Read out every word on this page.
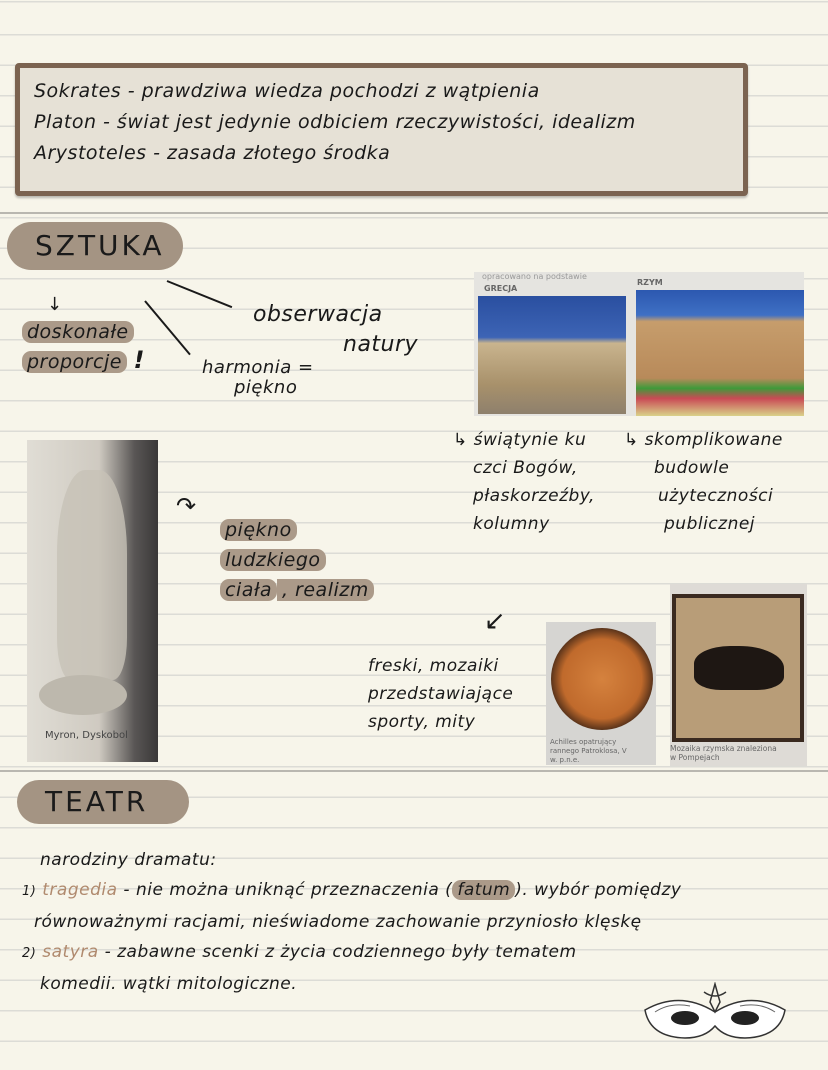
Sokrates - prawdziwa wiedza pochodzi z wątpienia
Platon - świat jest jedynie odbiciem rzeczywistości, idealizm
Arystoteles - zasada złotego środka
SZTUKA
↓
doskonałe
proporcje !
obserwacja
natury
harmonia =
piękno
opracowano na podstawie
GRECJA
RZYM
↳ świątynie ku
czci Bogów,
płaskorzeźby,
kolumny
↳ skomplikowane
budowle
użyteczności
publicznej
Myron, Dyskobol
↷
piękno
ludzkiego
ciała , realizm
↙
freski, mozaiki
przedstawiające
sporty, mity
Achilles opatrujący rannego Patroklosa, V w. p.n.e.
Mozaika rzymska znaleziona w Pompejach
TEATR
narodziny dramatu:
1) tragedia - nie można uniknąć przeznaczenia ( fatum ). wybór pomiędzy
równoważnymi racjami, nieświadome zachowanie przyniosło klęskę
2) satyra - zabawne scenki z życia codziennego były tematem
komedii. wątki mitologiczne.
